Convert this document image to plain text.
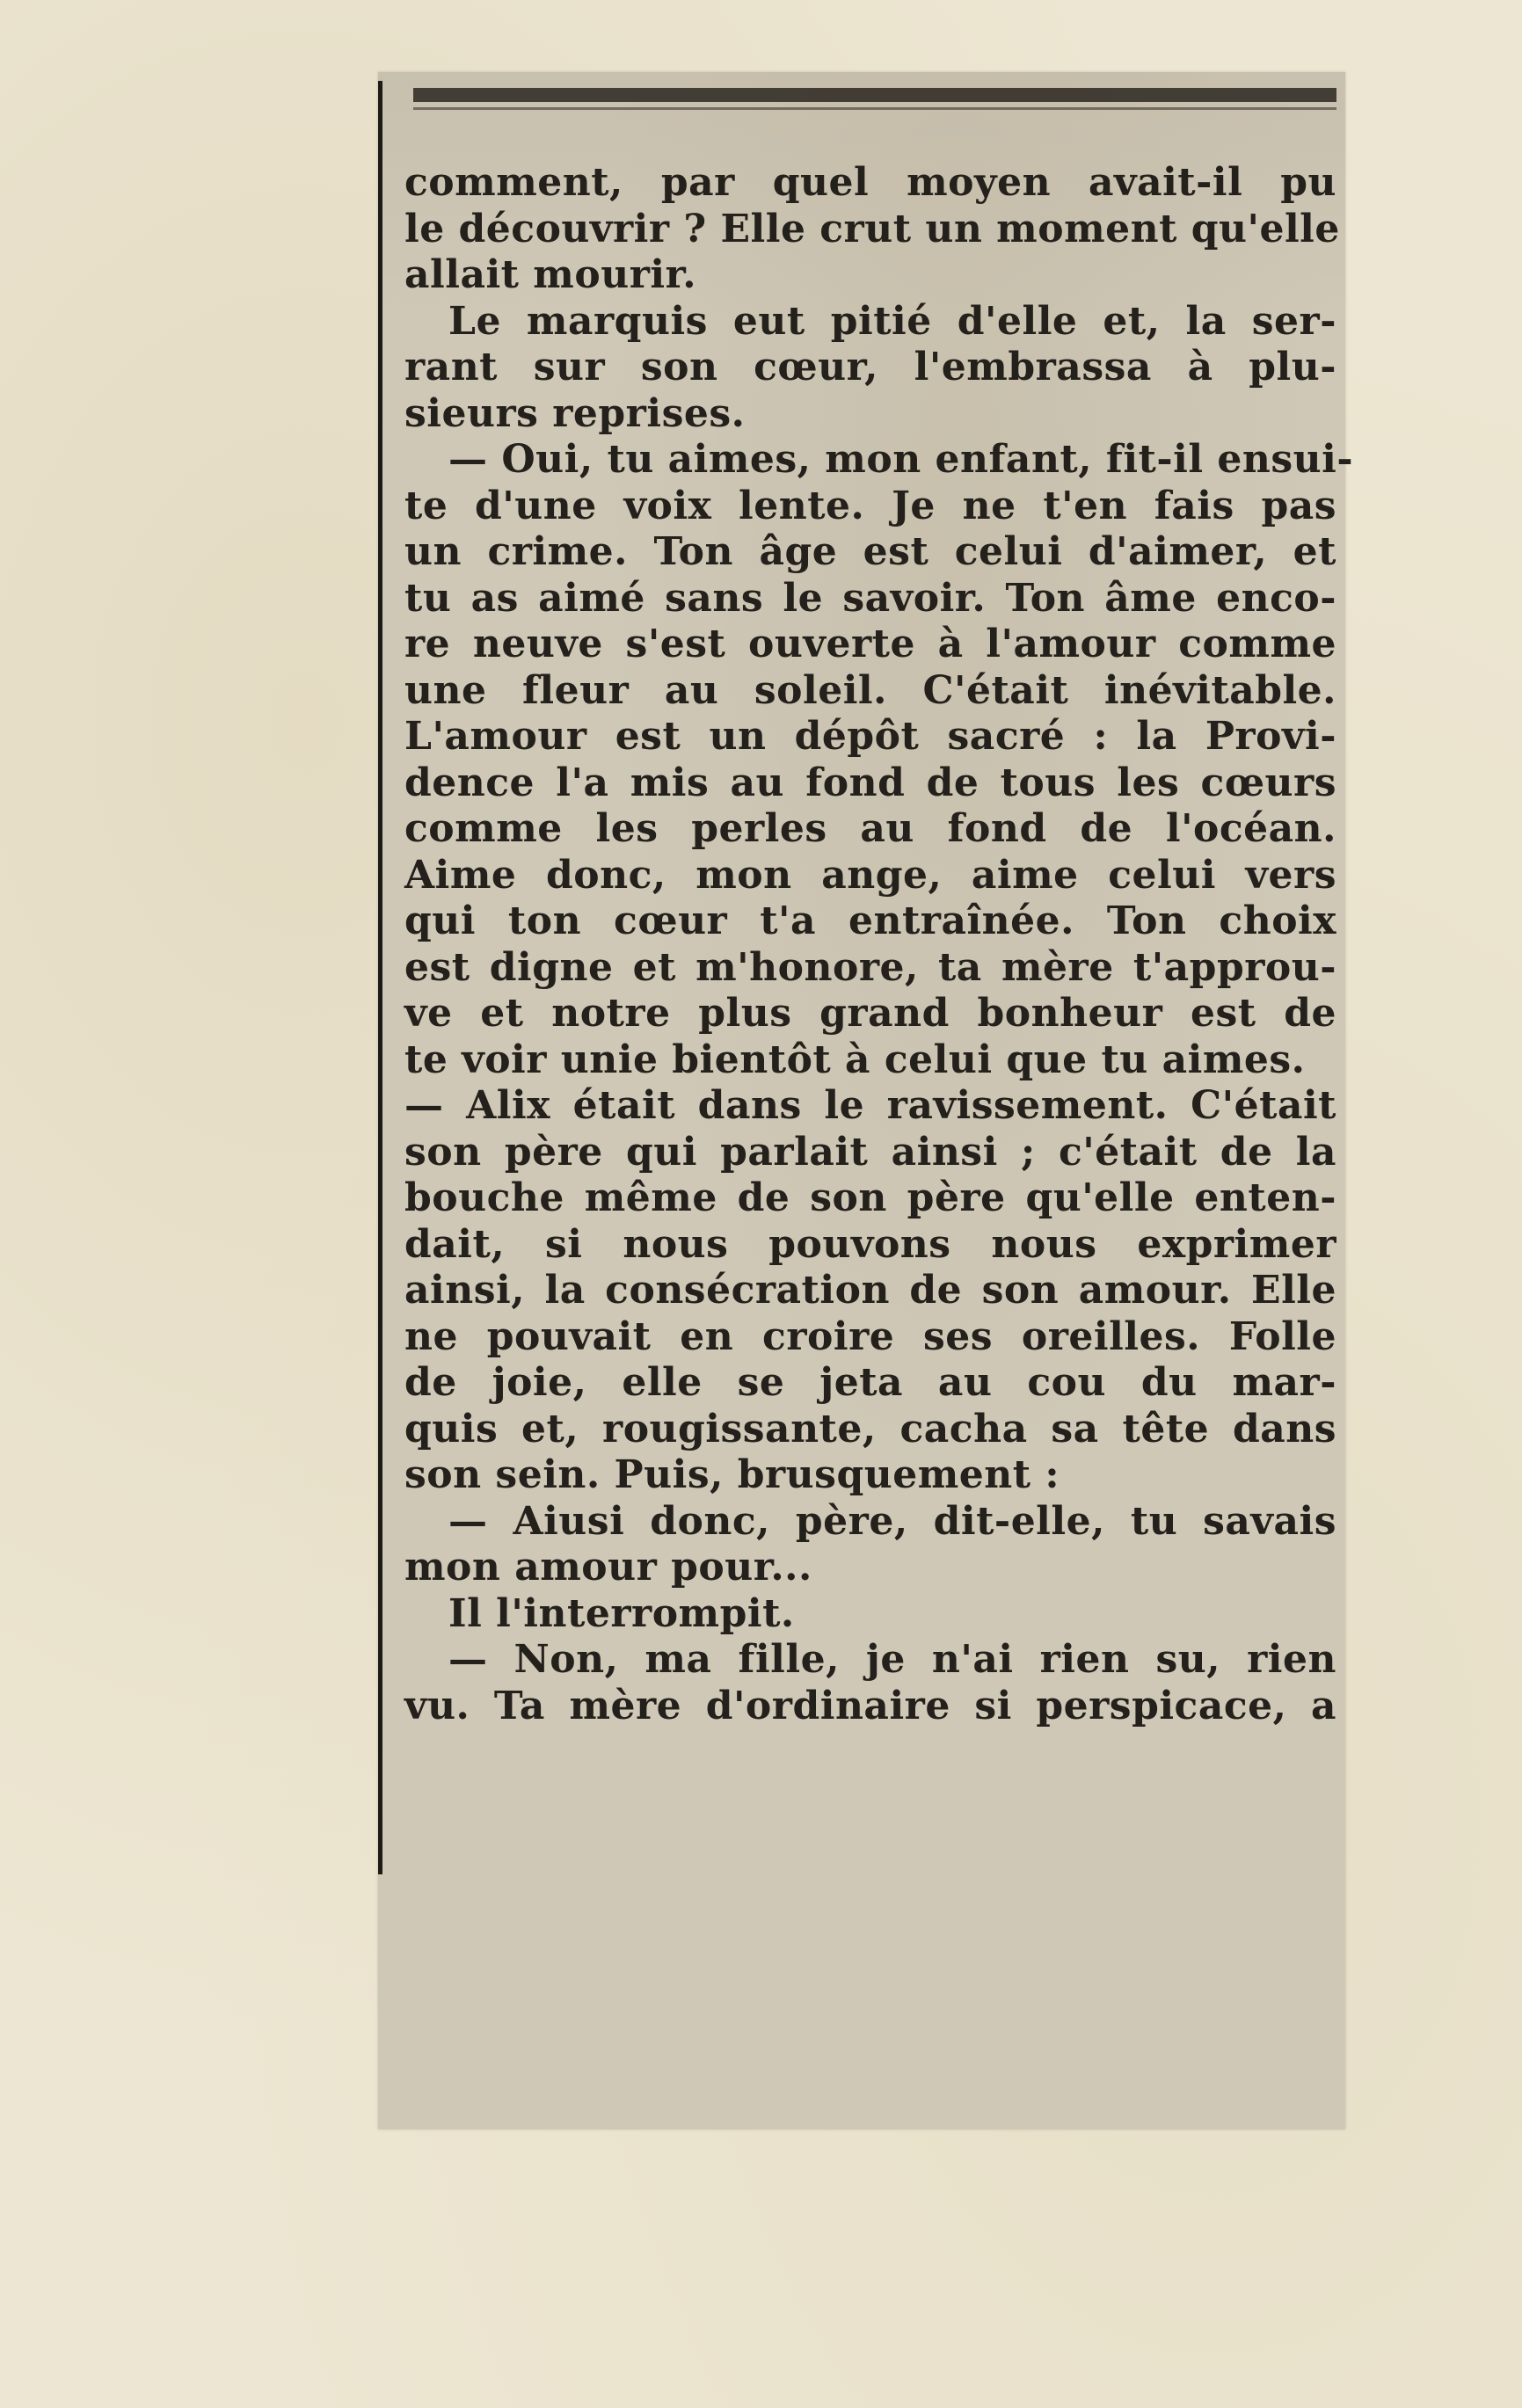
comment, par quel moyen avait-il pu
le découvrir ? Elle crut un moment qu'elle
allait mourir.
Le marquis eut pitié d'elle et, la ser-
rant sur son cœur, l'embrassa à plu-
sieurs reprises.
— Oui, tu aimes, mon enfant, fit-il ensui-
te d'une voix lente. Je ne t'en fais pas
un crime. Ton âge est celui d'aimer, et
tu as aimé sans le savoir. Ton âme enco-
re neuve s'est ouverte à l'amour comme
une fleur au soleil. C'était inévitable.
L'amour est un dépôt sacré : la Provi-
dence l'a mis au fond de tous les cœurs
comme les perles au fond de l'océan.
Aime donc, mon ange, aime celui vers
qui ton cœur t'a entraînée. Ton choix
est digne et m'honore, ta mère t'approu-
ve et notre plus grand bonheur est de
te voir unie bientôt à celui que tu aimes.
— Alix était dans le ravissement. C'était
son père qui parlait ainsi ; c'était de la
bouche même de son père qu'elle enten-
dait, si nous pouvons nous exprimer
ainsi, la consécration de son amour. Elle
ne pouvait en croire ses oreilles. Folle
de joie, elle se jeta au cou du mar-
quis et, rougissante, cacha sa tête dans
son sein. Puis, brusquement :
— Aiusi donc, père, dit-elle, tu savais
mon amour pour...
Il l'interrompit.
— Non, ma fille, je n'ai rien su, rien
vu. Ta mère d'ordinaire si perspicace, a
